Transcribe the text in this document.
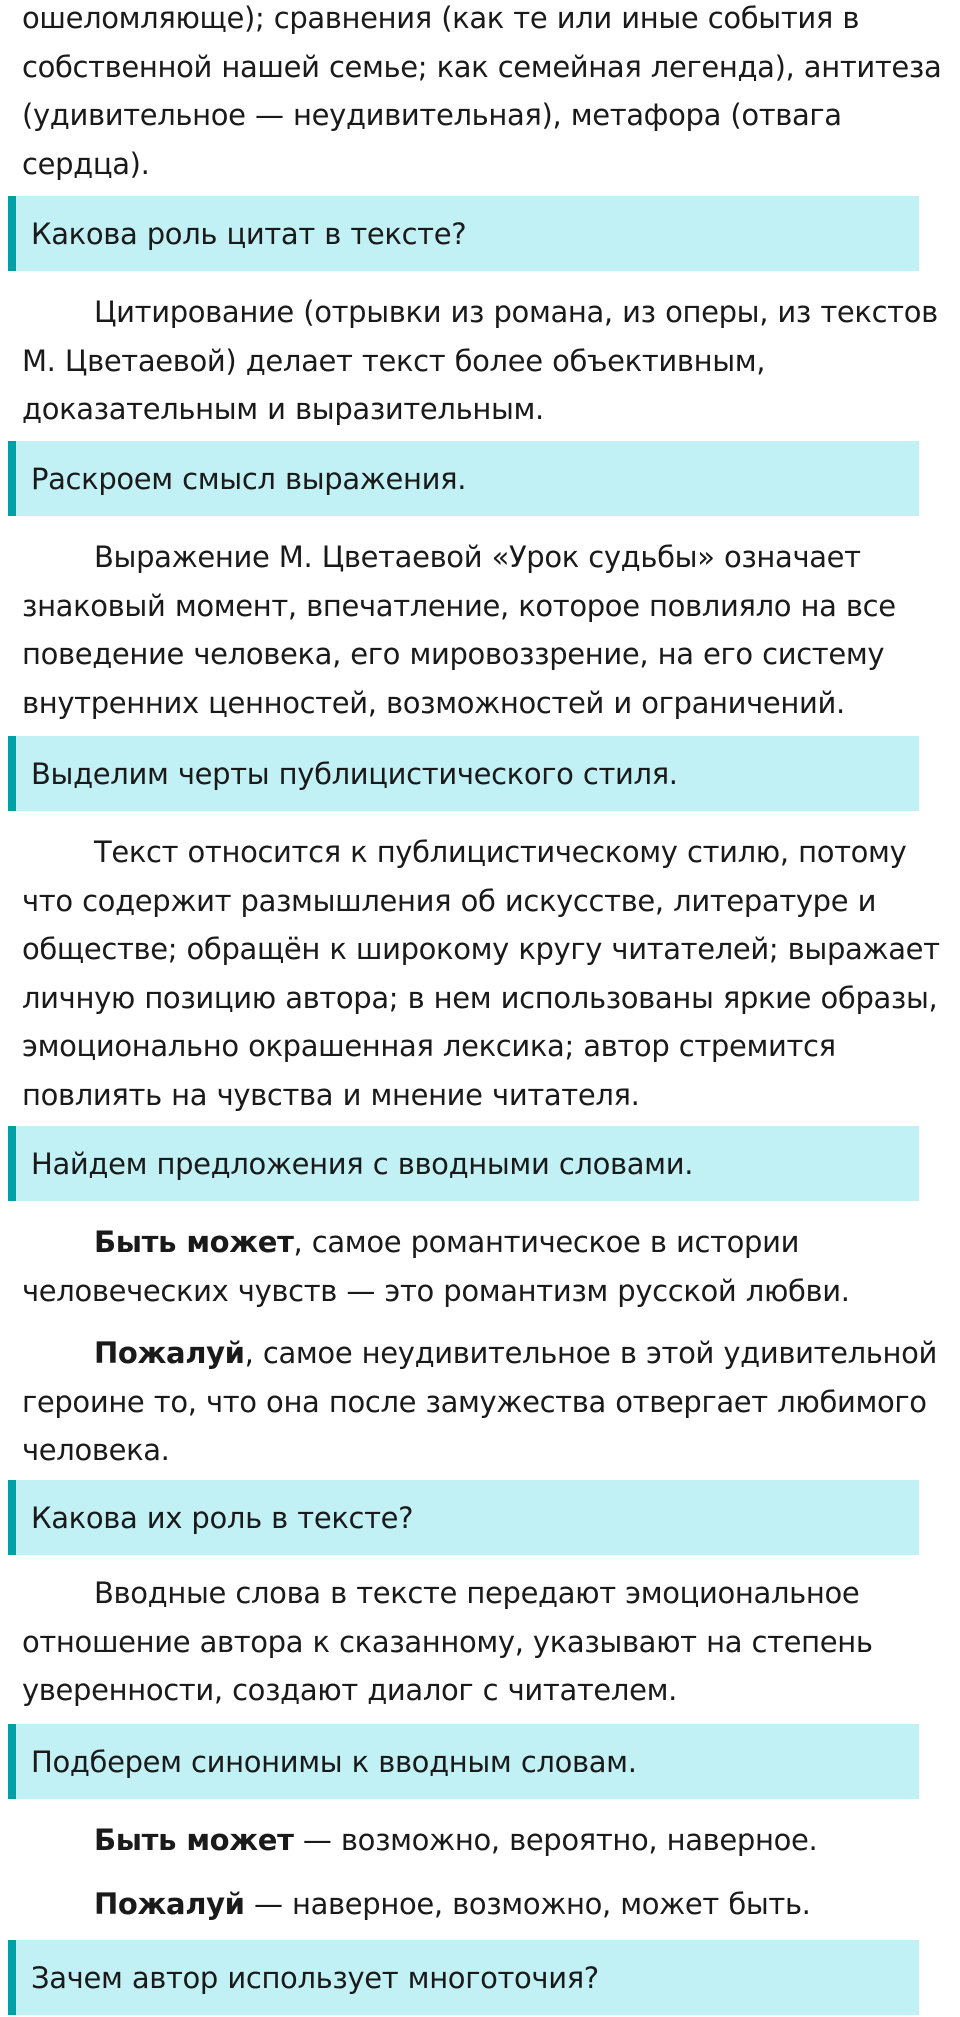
ошеломляюще); сравнения (как те или иные события в собственной нашей семье; как семейная легенда), антитеза (удивительное — неудивительная), метафора (отвага сердца).

Какова роль цитат в тексте?

Цитирование (отрывки из романа, из оперы, из текстов М. Цветаевой) делает текст более объективным, доказательным и выразительным.

Раскроем смысл выражения.

Выражение М. Цветаевой «Урок судьбы» означает знаковый момент, впечатление, которое повлияло на все поведение человека, его мировоззрение, на его систему внутренних ценностей, возможностей и ограничений.

Выделим черты публицистического стиля.

Текст относится к публицистическому стилю, потому что содержит размышления об искусстве, литературе и обществе; обращён к широкому кругу читателей; выражает личную позицию автора; в нем использованы яркие образы, эмоционально окрашенная лексика; автор стремится повлиять на чувства и мнение читателя.

Найдем предложения с вводными словами.

Быть может, самое романтическое в истории человеческих чувств — это романтизм русской любви.

Пожалуй, самое неудивительное в этой удивительной героине то, что она после замужества отвергает любимого человека.

Какова их роль в тексте?

Вводные слова в тексте передают эмоциональное отношение автора к сказанному, указывают на степень уверенности, создают диалог с читателем.

Подберем синонимы к вводным словам.

Быть может — возможно, вероятно, наверное.

Пожалуй — наверное, возможно, может быть.

Зачем автор использует многоточия?
